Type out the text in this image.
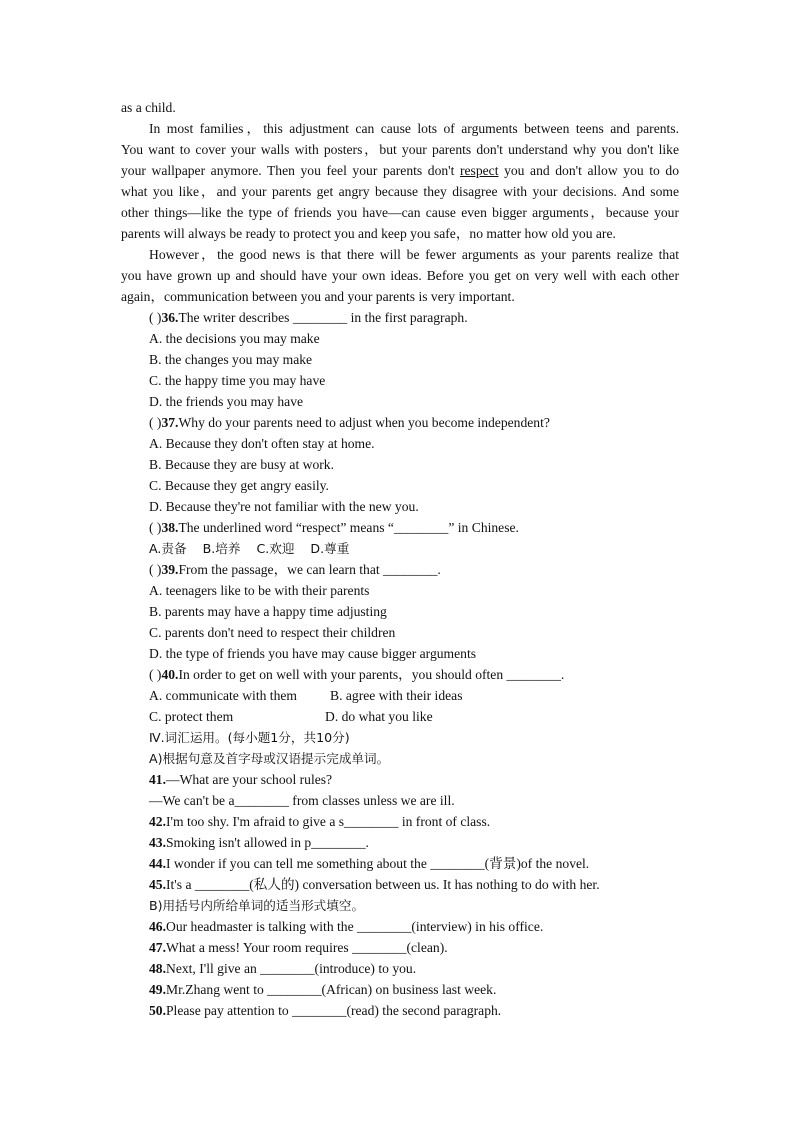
as a child.
In most families，this adjustment can cause lots of arguments between teens and parents.
You want to cover your walls with posters，but your parents don't understand why you don't like
your wallpaper anymore. Then you feel your parents don't respect you and don't allow you to do
what you like，and your parents get angry because they disagree with your decisions. And some
other things—like the type of friends you have—can cause even bigger arguments，because your
parents will always be ready to protect you and keep you safe，no matter how old you are.
However，the good news is that there will be fewer arguments as your parents realize that
you have grown up and should have your own ideas. Before you get on very well with each other
again，communication between you and your parents is very important.
( )36.The writer describes ________ in the first paragraph.
A. the decisions you may make
B. the changes you may make
C. the happy time you may have
D. the friends you may have
( )37.Why do your parents need to adjust when you become independent?
A. Because they don't often stay at home.
B. Because they are busy at work.
C. Because they get angry easily.
D. Because they're not familiar with the new you.
( )38.The underlined word “respect” means “________” in Chinese.
A.责备    B.培养    C.欢迎    D.尊重
( )39.From the passage，we can learn that ________.
A. teenagers like to be with their parents
B. parents may have a happy time adjusting
C. parents don't need to respect their children
D. the type of friends you have may cause bigger arguments
( )40.In order to get on well with your parents，you should often ________.
A. communicate with them B. agree with their ideas
C. protect them	D. do what you like
Ⅳ.词汇运用。(每小题1分，共10分)
A)根据句意及首字母或汉语提示完成单词。
41.—What are your school rules?
—We can't be a________ from classes unless we are ill.
42.I'm too shy. I'm afraid to give a s________ in front of class.
43.Smoking isn't allowed in p________.
44.I wonder if you can tell me something about the ________(背景)of the novel.
45.It's a ________(私人的) conversation between us. It has nothing to do with her.
B)用括号内所给单词的适当形式填空。
46.Our headmaster is talking with the ________(interview) in his office.
47.What a mess! Your room requires ________(clean).
48.Next, I'll give an ________(introduce) to you.
49.Mr.Zhang went to ________(African) on business last week.
50.Please pay attention to ________(read) the second paragraph.
